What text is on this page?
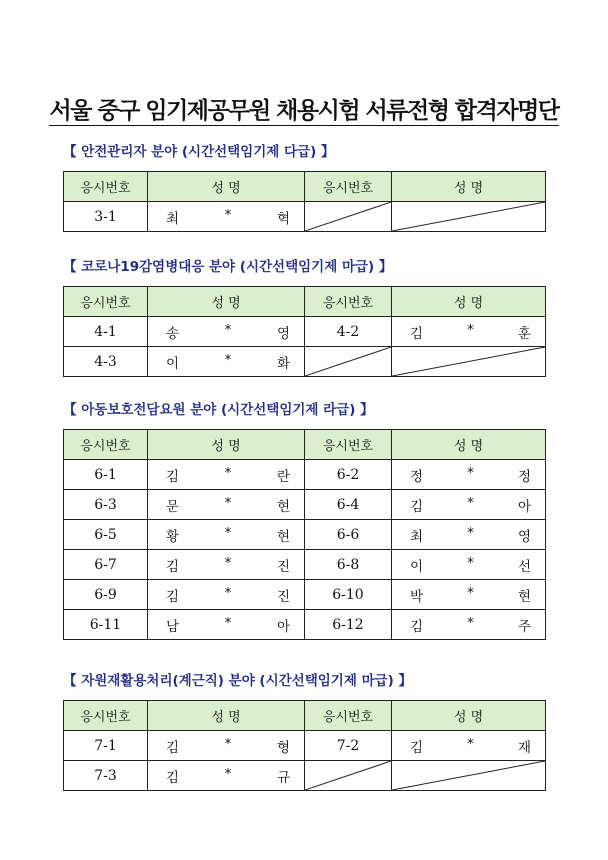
서울 중구 임기제공무원 채용시험 서류전형 합격자명단
【 안전관리자 분야 (시간선택임기제 다급) 】
응시번호	성 명	응시번호	성 명
3-1	최 * 혁

【 코로나19감염병대응 분야 (시간선택임기제 마급) 】
응시번호	성 명	응시번호	성 명
4-1	송 * 영	4-2	김 * 훈

4-3	이 * 화

【 아동보호전담요원 분야 (시간선택임기제 라급) 】
응시번호	성 명	응시번호	성 명
6-1	김 * 란	6-2	정 * 정

6-3	문 * 현	6-4	김 * 아

6-5	황 * 현	6-6	최 * 영

6-7	김 * 진	6-8	이 * 선

6-9	김 * 진	6-10	박 * 현

6-11	남 * 아	6-12	김 * 주
【 자원재활용처리(계근직) 분야 (시간선택임기제 마급) 】
응시번호	성 명	응시번호	성 명
7-1	김 * 형	7-2	김 * 재

7-3	김 * 규
